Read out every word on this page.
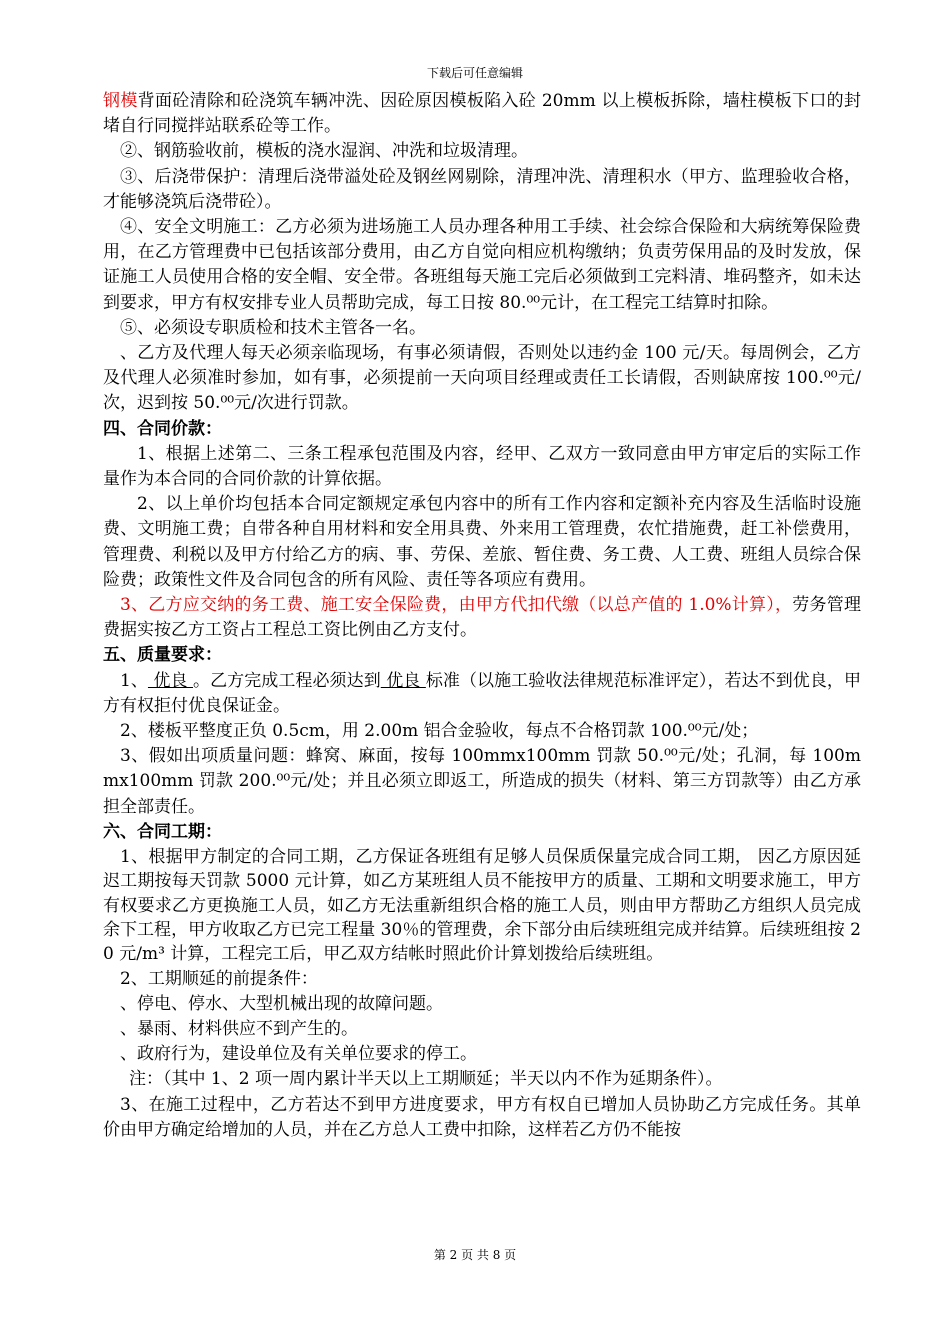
下载后可任意编辑

钢模背面砼清除和砼浇筑车辆冲洗、因砼原因模板陷入砼 20mm 以上模板拆除，墙柱模板下口的封堵自行同搅拌站联系砼等工作。

②、钢筋验收前，模板的浇水湿润、冲洗和垃圾清理。

③、后浇带保护：清理后浇带溢处砼及钢丝网剔除，清理冲洗、清理积水（甲方、监理验收合格，才能够浇筑后浇带砼）。

④、安全文明施工：乙方必须为进场施工人员办理各种用工手续、社会综合保险和大病统筹保险费用，在乙方管理费中已包括该部分费用，由乙方自觉向相应机构缴纳；负责劳保用品的及时发放，保证施工人员使用合格的安全帽、安全带。各班组每天施工完后必须做到工完料清、堆码整齐，如未达到要求，甲方有权安排专业人员帮助完成，每工日按 80.⁰⁰元计，在工程完工结算时扣除。

⑤、必须设专职质检和技术主管各一名。

、乙方及代理人每天必须亲临现场，有事必须请假，否则处以违约金 100 元/天。每周例会，乙方及代理人必须准时参加，如有事，必须提前一天向项目经理或责任工长请假，否则缺席按 100.⁰⁰元/次，迟到按 50.⁰⁰元/次进行罚款。

四、合同价款：

1、根据上述第二、三条工程承包范围及内容，经甲、乙双方一致同意由甲方审定后的实际工作量作为本合同的合同价款的计算依据。

2、以上单价均包括本合同定额规定承包内容中的所有工作内容和定额补充内容及生活临时设施费、文明施工费；自带各种自用材料和安全用具费、外来用工管理费，农忙措施费，赶工补偿费用，管理费、利税以及甲方付给乙方的病、事、劳保、差旅、暂住费、务工费、人工费、班组人员综合保险费；政策性文件及合同包含的所有风险、责任等各项应有费用。

3、乙方应交纳的务工费、施工安全保险费，由甲方代扣代缴（以总产值的 1.0%计算），劳务管理费据实按乙方工资占工程总工资比例由乙方支付。

五、质量要求：

1、 优良 。乙方完成工程必须达到 优良 标准（以施工验收法律规范标准评定），若达不到优良，甲方有权拒付优良保证金。

2、楼板平整度正负 0.5cm，用 2.00m 铝合金验收，每点不合格罚款 100.⁰⁰元/处；

3、假如出项质量问题：蜂窝、麻面，按每 100mmx100mm 罚款 50.⁰⁰元/处；孔洞，每 100mmx100mm 罚款 200.⁰⁰元/处；并且必须立即返工，所造成的损失（材料、第三方罚款等）由乙方承担全部责任。

六、合同工期：

1、根据甲方制定的合同工期，乙方保证各班组有足够人员保质保量完成合同工期， 因乙方原因延迟工期按每天罚款 5000 元计算，如乙方某班组人员不能按甲方的质量、工期和文明要求施工，甲方有权要求乙方更换施工人员，如乙方无法重新组织合格的施工人员，则由甲方帮助乙方组织人员完成余下工程，甲方收取乙方已完工程量 30％的管理费，余下部分由后续班组完成并结算。后续班组按 20 元/m³ 计算，工程完工后，甲乙双方结帐时照此价计算划拨给后续班组。

2、工期顺延的前提条件：

、停电、停水、大型机械出现的故障问题。

、暴雨、材料供应不到产生的。

、政府行为，建设单位及有关单位要求的停工。

注：（其中 1、2 项一周内累计半天以上工期顺延；半天以内不作为延期条件）。

3、在施工过程中，乙方若达不到甲方进度要求，甲方有权自已增加人员协助乙方完成任务。其单价由甲方确定给增加的人员，并在乙方总人工费中扣除，这样若乙方仍不能按

第 2 页 共 8 页
